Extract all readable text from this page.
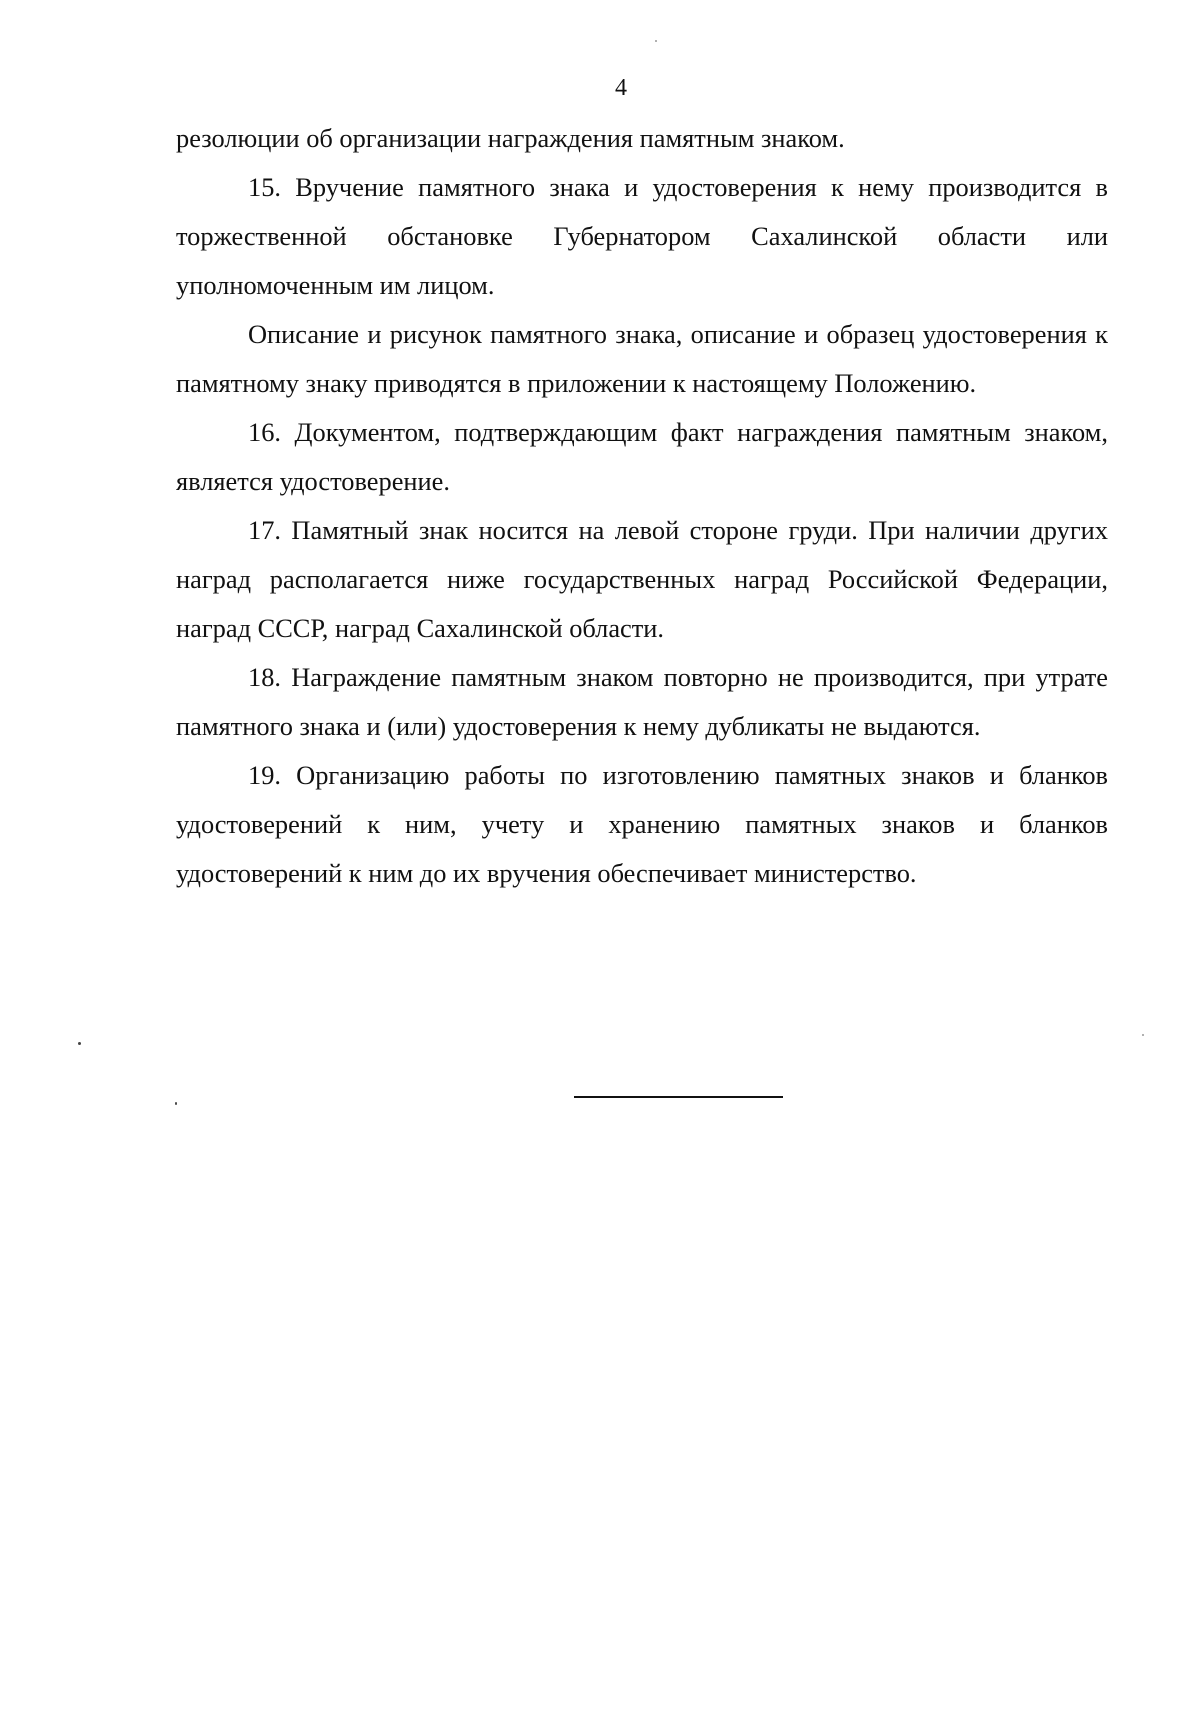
4

резолюции об организации награждения памятным знаком.

15. Вручение памятного знака и удостоверения к нему производится в торжественной обстановке Губернатором Сахалинской области или уполномоченным им лицом.

Описание и рисунок памятного знака, описание и образец удостоверения к памятному знаку приводятся в приложении к настоящему Положению.

16. Документом, подтверждающим факт награждения памятным знаком, является удостоверение.

17. Памятный знак носится на левой стороне груди. При наличии других наград располагается ниже государственных наград Российской Федерации, наград СССР, наград Сахалинской области.

18. Награждение памятным знаком повторно не производится, при утрате памятного знака и (или) удостоверения к нему дубликаты не выдаются.

19. Организацию работы по изготовлению памятных знаков и бланков удостоверений к ним, учету и хранению памятных знаков и бланков удостоверений к ним до их вручения обеспечивает министерство.
